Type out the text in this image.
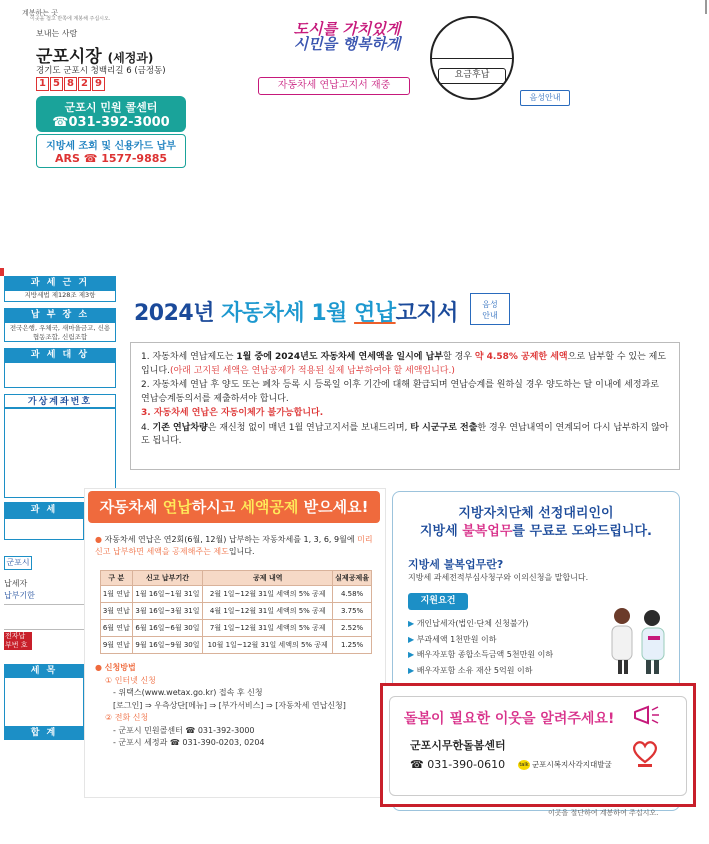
계봉하는 곳
이곳을 접고 반쪽에 계봉해 주십시오.
보내는 사람
군포시장 (세정과)
경기도 군포시 청백리길 6 (금정동)
1 5 8 2 9
군포시 민원 콜센터
☎031-392-3000
지방세 조회 및 신용카드 납부
ARS ☎ 1577-9885
도시를 가치있게
시민을 행복하게
자동차세 연납고지서 재중
요금후납
음성안내
과 세 근 거
지방세법 제128조 제3항
납 부 장 소
전국은행, 우체국, 새마을금고, 신용협동조합, 신림조합
과 세 대 상
가상계좌번호
과 세
군포시
납세자
납부기한
전자납부번 호
세 목
합 계
2024년 자동차세 1월 연납고지서	음성
안내
1. 자동차세 연납제도는 1월 중에 2024년도 자동차세 연세액을 일시에 납부할 경우 약 4.58% 공제한 세액으로 납부할 수 있는 제도입니다.(아래 고지된 세액은 연납공제가 적용된 실제 납부하여야 할 세액입니다.)
2. 자동차세 연납 후 양도 또는 폐차 등록 시 등록일 이후 기간에 대해 환급되며 연납승계를 원하실 경우 양도하는 달 이내에 세정과로 연납승계동의서를 제출하셔야 합니다.
3. 자동차세 연납은 자동이체가 불가능합니다.
4. 기존 연납차량은 재신청 없이 매년 1월 연납고지서를 보내드리며, 타 시군구로 전출한 경우 연납내역이 연계되어 다시 납부하지 않아도 됩니다.
자동차세 연납하시고 세액공제 받으세요!
● 자동차세 연납은 연2회(6월, 12월) 납부하는 자동차세를 1, 3, 6, 9월에 미리 신고 납부하면 세액을 공제해주는 제도입니다.
구 분	신고 납부기간	공제 내역	실제공제율
1월 연납	1월 16일~1월 31일	2월 1일~12월 31일 세액의 5% 공제	4.58%
3월 연납	3월 16일~3월 31일	4월 1일~12월 31일 세액의 5% 공제	3.75%
6월 연납	6월 16일~6월 30일	7월 1일~12월 31일 세액의 5% 공제	2.52%
9월 연납	9월 16일~9월 30일	10월 1일~12월 31일 세액의 5% 공제	1.25%
● 신청방법
① 인터넷 신청
- 위택스(www.wetax.go.kr) 접속 후 신청
[로그인] ⇒ 우측상단[메뉴] ⇒ [부가서비스] ⇒ [자동차세 연납신청]
② 전화 신청
- 군포시 민원콜센터 ☎ 031-392-3000
- 군포시 세정과 ☎ 031-390-0203, 0204
지방자치단체 선정대리인이
지방세 불복업무를 무료로 도와드립니다.
지방세 불복업무란?
지방세 과세전적부심사청구와 이의신청을 말합니다.
지원요건
▶ 개인납세자(법인·단체 신청불가)
▶ 부과세액 1천만원 이하
▶ 배우자포함 종합소득금액 5천만원 이하
▶ 배우자포함 소유 재산 5억원 이하
돌봄이 필요한 이웃을 알려주세요!
군포시무한돌봄센터
☎ 031-390-0610	talk 군포시복지사각지대발굴
이곳을 절단하여 계봉하여 주십시오.
